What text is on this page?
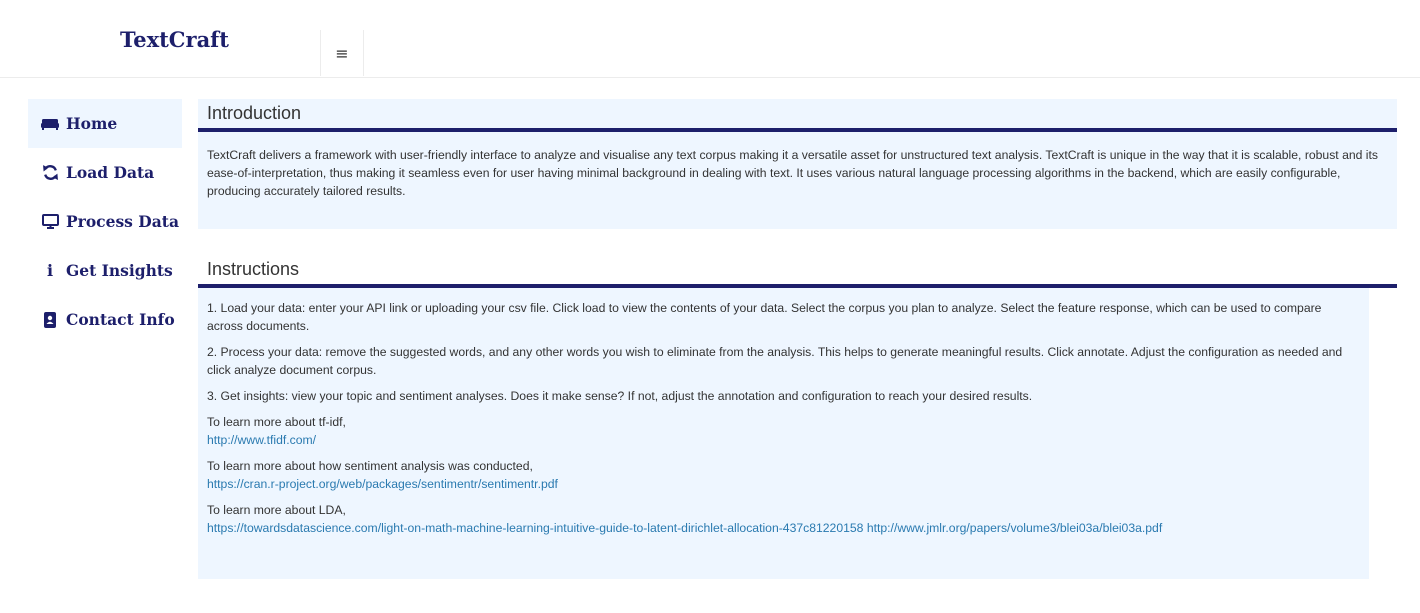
TextCraft
≡
Home
Load Data
Process Data
i Get Insights
Contact Info
Introduction

TextCraft delivers a framework with user-friendly interface to analyze and visualise any text corpus making it a versatile asset for unstructured text analysis. TextCraft is unique in the way that it is scalable, robust and its ease-of-interpretation, thus making it seamless even for user having minimal background in dealing with text. It uses various natural language processing algorithms in the backend, which are easily configurable, producing accurately tailored results.

Instructions

1. Load your data: enter your API link or uploading your csv file. Click load to view the contents of your data. Select the corpus you plan to analyze. Select the feature response, which can be used to compare across documents.

2. Process your data: remove the suggested words, and any other words you wish to eliminate from the analysis. This helps to generate meaningful results. Click annotate. Adjust the configuration as needed and click analyze document corpus.

3. Get insights: view your topic and sentiment analyses. Does it make sense? If not, adjust the annotation and configuration to reach your desired results.

To learn more about tf-idf,
http://www.tfidf.com/

To learn more about how sentiment analysis was conducted,
https://cran.r-project.org/web/packages/sentimentr/sentimentr.pdf

To learn more about LDA,
https://towardsdatascience.com/light-on-math-machine-learning-intuitive-guide-to-latent-dirichlet-allocation-437c81220158 http://www.jmlr.org/papers/volume3/blei03a/blei03a.pdf
